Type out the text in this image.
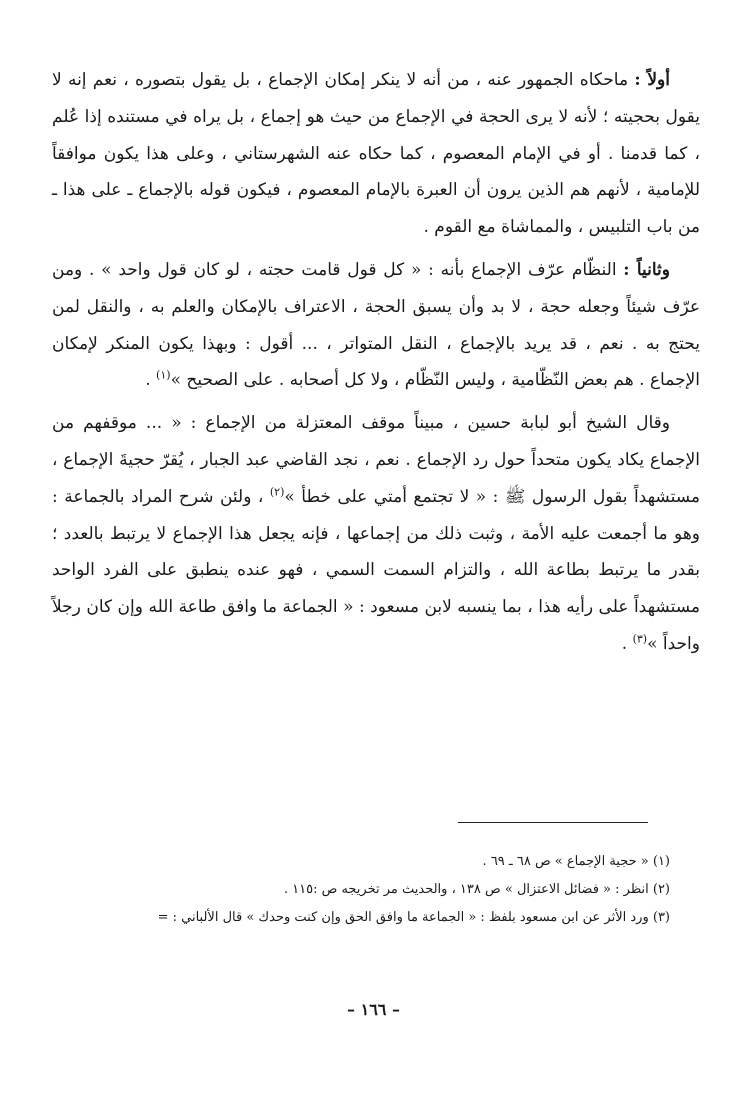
أولاً : ماحكاه الجمهور عنه ، من أنه لا ينكر إمكان الإجماع ، بل يقول بتصوره ، نعم إنه لا يقول بحجيته ؛ لأنه لا يرى الحجة في الإجماع من حيث هو إجماع ، بل يراه في مستنده إذا عُلم ، كما قدمنا . أو في الإمام المعصوم ، كما حكاه عنه الشهرستاني ، وعلى هذا يكون موافقاً للإمامية ، لأنهم هم الذين يرون أن العبرة بالإمام المعصوم ، فيكون قوله بالإجماع ـ على هذا ـ من باب التلبيس ، والمماشاة مع القوم .

وثانياً : النظّام عرّف الإجماع بأنه : « كل قول قامت حجته ، لو كان قول واحد » . ومن عرّف شيئاً وجعله حجة ، لا بد وأن يسبق الحجة ، الاعتراف بالإمكان والعلم به ، والنقل لمن يحتج به . نعم ، قد يريد بالإجماع ، النقل المتواتر ، ... أقول : وبهذا يكون المنكر لإمكان الإجماع . هم بعض النّظّامية ، وليس النّظّام ، ولا كل أصحابه . على الصحيح »$^{(١)}$ .

وقال الشيخ أبو لبابة حسين ، مبيناً موقف المعتزلة من الإجماع : « ... موقفهم من الإجماع يكاد يكون متحداً حول رد الإجماع . نعم ، نجد القاضي عبد الجبار ، يُقرّ حجيةَ الإجماع ، مستشهداً بقول الرسول ﷺ : « لا تجتمع أمتي على خطأ »$^{(٢)}$ ، ولئن شرح المراد بالجماعة : وهو ما أجمعت عليه الأمة ، وثبت ذلك من إجماعها ، فإنه يجعل هذا الإجماع لا يرتبط بالعدد ؛ بقدر ما يرتبط بطاعة الله ، والتزام السمت السمي ، فهو عنده ينطبق على الفرد الواحد مستشهداً على رأيه هذا ، بما ينسبه لابن مسعود : « الجماعة ما وافق طاعة الله وإن كان رجلاً واحداً »$^{(٣)}$ .

(١) « حجية الإجماع » ص ٦٨ ـ ٦٩ .

(٢) انظر : « فضائل الاعتزال » ص ١٣٨ ، والحديث مر تخريجه ص :١١٥ .

(٣) ورد الأثر عن ابن مسعود بلفظ : « الجماعة ما وافق الحق وإن كنت وحدك » قال الألباني : =

– ١٦٦ –
